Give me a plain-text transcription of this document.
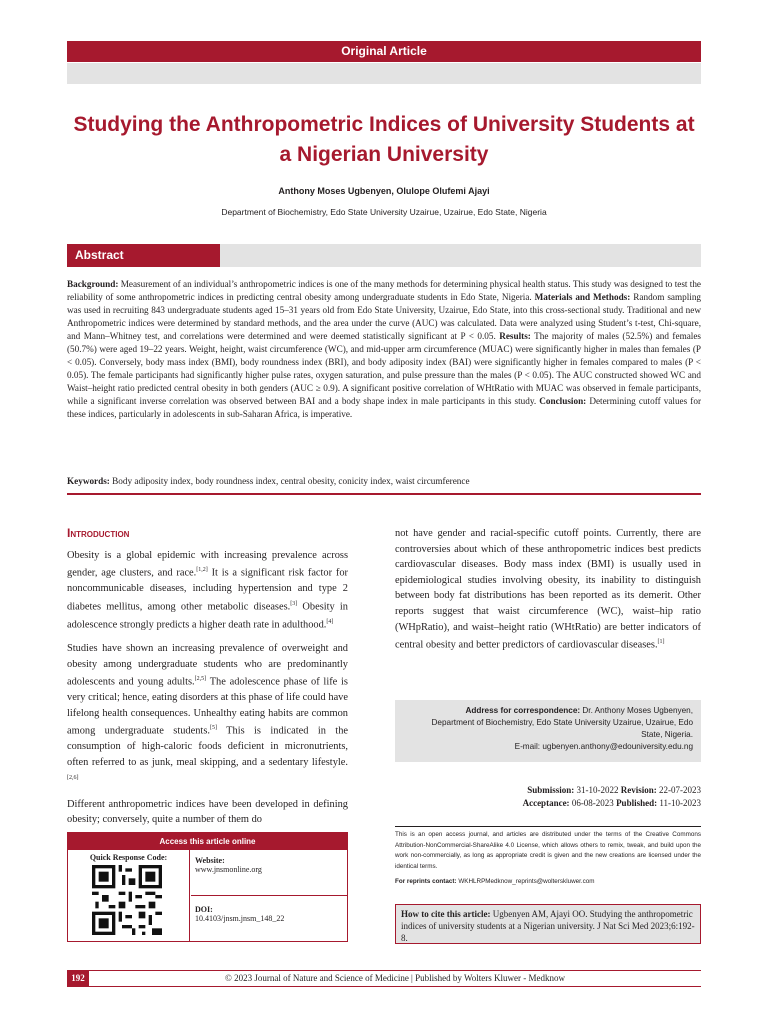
Original Article
Studying the Anthropometric Indices of University Students at a Nigerian University
Anthony Moses Ugbenyen, Olulope Olufemi Ajayi
Department of Biochemistry, Edo State University Uzairue, Uzairue, Edo State, Nigeria
Abstract
Background: Measurement of an individual’s anthropometric indices is one of the many methods for determining physical health status. This study was designed to test the reliability of some anthropometric indices in predicting central obesity among undergraduate students in Edo State, Nigeria. Materials and Methods: Random sampling was used in recruiting 843 undergraduate students aged 15–31 years old from Edo State University, Uzairue, Edo State, into this cross-sectional study. Traditional and new Anthropometric indices were determined by standard methods, and the area under the curve (AUC) was calculated. Data were analyzed using Student’s t-test, Chi-square, and Mann–Whitney test, and correlations were determined and were deemed statistically significant at P < 0.05. Results: The majority of males (52.5%) and females (50.7%) were aged 19–22 years. Weight, height, waist circumference (WC), and mid-upper arm circumference (MUAC) were significantly higher in males than females (P < 0.05). Conversely, body mass index (BMI), body roundness index (BRI), and body adiposity index (BAI) were significantly higher in females compared to males (P < 0.05). The female participants had significantly higher pulse rates, oxygen saturation, and pulse pressure than the males (P < 0.05). The AUC constructed showed WC and Waist–height ratio predicted central obesity in both genders (AUC ≥ 0.9). A significant positive correlation of WHtRatio with MUAC was observed in female participants, while a significant inverse correlation was observed between BAI and a body shape index in male participants in this study. Conclusion: Determining cutoff values for these indices, particularly in adolescents in sub-Saharan Africa, is imperative.
Keywords: Body adiposity index, body roundness index, central obesity, conicity index, waist circumference
Introduction

Obesity is a global epidemic with increasing prevalence across gender, age clusters, and race.[1,2] It is a significant risk factor for noncommunicable diseases, including hypertension and type 2 diabetes mellitus, among other metabolic diseases.[3] Obesity in adolescence strongly predicts a higher death rate in adulthood.[4]

Studies have shown an increasing prevalence of overweight and obesity among undergraduate students who are predominantly adolescents and young adults.[2,5] The adolescence phase of life is very critical; hence, eating disorders at this phase of life could have lifelong health consequences. Unhealthy eating habits are common among undergraduate students.[5] This is indicated in the consumption of high-caloric foods deficient in micronutrients, often referred to as junk, meal skipping, and a sedentary lifestyle.[2,6]

Different anthropometric indices have been developed in defining obesity; conversely, quite a number of them do

not have gender and racial-specific cutoff points. Currently, there are controversies about which of these anthropometric indices best predicts cardiovascular diseases. Body mass index (BMI) is usually used in epidemiological studies involving obesity, its inability to distinguish between body fat distributions has been reported as its demerit. Other reports suggest that waist circumference (WC), waist–hip ratio (WHpRatio), and waist–height ratio (WHtRatio) are better indicators of central obesity and better predictors of cardiovascular diseases.[1]

Address for correspondence: Dr. Anthony Moses Ugbenyen,
Department of Biochemistry, Edo State University Uzairue, Uzairue, Edo
State, Nigeria.
E-mail: ugbenyen.anthony@edouniversity.edu.ng
Submission: 31-10-2022 Revision: 22-07-2023
Acceptance: 06-08-2023 Published: 11-10-2023
Access this article online
Quick Response Code:	Website:
www.jnsmonline.org
DOI:
10.4103/jnsm.jnsm_148_22
This is an open access journal, and articles are distributed under the terms of the Creative Commons Attribution-NonCommercial-ShareAlike 4.0 License, which allows others to remix, tweak, and build upon the work non-commercially, as long as appropriate credit is given and the new creations are licensed under the identical terms.
For reprints contact: WKHLRPMedknow_reprints@wolterskluwer.com
How to cite this article: Ugbenyen AM, Ajayi OO. Studying the anthropometric indices of university students at a Nigerian university. J Nat Sci Med 2023;6:192-8.
192	© 2023 Journal of Nature and Science of Medicine | Published by Wolters Kluwer - Medknow
